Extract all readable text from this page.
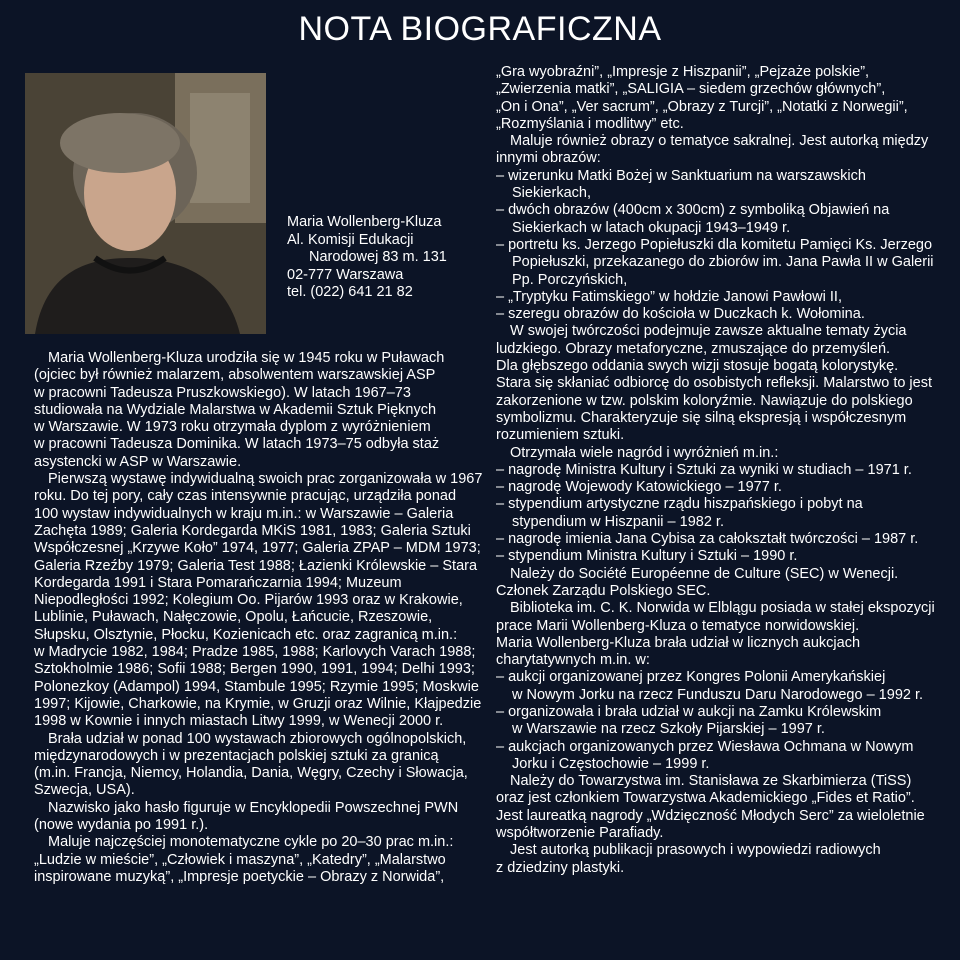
NOTA BIOGRAFICZNA
Maria Wollenberg-Kluza
Al. Komisji Edukacji
Narodowej 83 m. 131
02-777 Warszawa
tel. (022) 641 21 82

Maria Wollenberg-Kluza urodziła się w 1945 roku w Puławach

(ojciec był również malarzem, absolwentem warszawskiej ASP

w pracowni Tadeusza Pruszkowskiego). W latach 1967–73

studiowała na Wydziale Malarstwa w Akademii Sztuk Pięknych

w Warszawie. W 1973 roku otrzymała dyplom z wyróżnieniem

w pracowni Tadeusza Dominika. W latach 1973–75 odbyła staż

asystencki w ASP w Warszawie.

Pierwszą wystawę indywidualną swoich prac zorganizowała w 1967

roku. Do tej pory, cały czas intensywnie pracując, urządziła ponad

100 wystaw indywidualnych w kraju m.in.: w Warszawie – Galeria

Zachęta 1989; Galeria Kordegarda MKiS 1981, 1983; Galeria Sztuki

Współczesnej „Krzywe Koło” 1974, 1977; Galeria ZPAP – MDM 1973;

Galeria Rzeźby 1979; Galeria Test 1988; Łazienki Królewskie – Stara

Kordegarda 1991 i Stara Pomarańczarnia 1994; Muzeum

Niepodległości 1992; Kolegium Oo. Pijarów 1993 oraz w Krakowie,

Lublinie, Puławach, Nałęczowie, Opolu, Łańcucie, Rzeszowie,

Słupsku, Olsztynie, Płocku, Kozienicach etc. oraz zagranicą m.in.:

w Madrycie 1982, 1984; Pradze 1985, 1988; Karlovych Varach 1988;

Sztokholmie 1986; Sofii 1988; Bergen 1990, 1991, 1994; Delhi 1993;

Polonezkoy (Adampol) 1994, Stambule 1995; Rzymie 1995; Moskwie

1997; Kijowie, Charkowie, na Krymie, w Gruzji oraz Wilnie, Kłajpedzie

1998 w Kownie i innych miastach Litwy 1999, w Wenecji 2000 r.

Brała udział w ponad 100 wystawach zbiorowych ogólnopolskich,

międzynarodowych i w prezentacjach polskiej sztuki za granicą

(m.in. Francja, Niemcy, Holandia, Dania, Węgry, Czechy i Słowacja,

Szwecja, USA).

Nazwisko jako hasło figuruje w Encyklopedii Powszechnej PWN

(nowe wydania po 1991 r.).

Maluje najczęściej monotematyczne cykle po 20–30 prac m.in.:

„Ludzie w mieście”, „Człowiek i maszyna”, „Katedry”, „Malarstwo

inspirowane muzyką”, „Impresje poetyckie – Obrazy z Norwida”,

„Gra wyobraźni”, „Impresje z Hiszpanii”, „Pejzaże polskie”,

„Zwierzenia matki”, „SALIGIA – siedem grzechów głównych”,

„On i Ona”, „Ver sacrum”, „Obrazy z Turcji”, „Notatki z Norwegii”,

„Rozmyślania i modlitwy” etc.

Maluje również obrazy o tematyce sakralnej. Jest autorką między

innymi obrazów:

– wizerunku Matki Bożej w Sanktuarium na warszawskich

Siekierkach,

– dwóch obrazów (400cm x 300cm) z symboliką Objawień na

Siekierkach w latach okupacji 1943–1949 r.

– portretu ks. Jerzego Popiełuszki dla komitetu Pamięci Ks. Jerzego

Popiełuszki, przekazanego do zbiorów im. Jana Pawła II w Galerii

Pp. Porczyńskich,

– „Tryptyku Fatimskiego” w hołdzie Janowi Pawłowi II,

– szeregu obrazów do kościoła w Duczkach k. Wołomina.

W swojej twórczości podejmuje zawsze aktualne tematy życia

ludzkiego. Obrazy metaforyczne, zmuszające do przemyśleń.

Dla głębszego oddania swych wizji stosuje bogatą kolorystykę.

Stara się skłaniać odbiorcę do osobistych refleksji. Malarstwo to jest

zakorzenione w tzw. polskim koloryźmie. Nawiązuje do polskiego

symbolizmu. Charakteryzuje się silną ekspresją i współczesnym

rozumieniem sztuki.

Otrzymała wiele nagród i wyróżnień m.in.:

– nagrodę Ministra Kultury i Sztuki za wyniki w studiach – 1971 r.

– nagrodę Wojewody Katowickiego – 1977 r.

– stypendium artystyczne rządu hiszpańskiego i pobyt na

stypendium w Hiszpanii – 1982 r.

– nagrodę imienia Jana Cybisa za całokształt twórczości – 1987 r.

– stypendium Ministra Kultury i Sztuki – 1990 r.

Należy do Société Européenne de Culture (SEC) w Wenecji.

Członek Zarządu Polskiego SEC.

Biblioteka im. C. K. Norwida w Elblągu posiada w stałej ekspozycji

prace Marii Wollenberg-Kluza o tematyce norwidowskiej.

Maria Wollenberg-Kluza brała udział w licznych aukcjach

charytatywnych m.in. w:

– aukcji organizowanej przez Kongres Polonii Amerykańskiej

w Nowym Jorku na rzecz Funduszu Daru Narodowego – 1992 r.

– organizowała i brała udział w aukcji na Zamku Królewskim

w Warszawie na rzecz Szkoły Pijarskiej – 1997 r.

– aukcjach organizowanych przez Wiesława Ochmana w Nowym

Jorku i Częstochowie – 1999 r.

Należy do Towarzystwa im. Stanisława ze Skarbimierza (TiSS)

oraz jest członkiem Towarzystwa Akademickiego „Fides et Ratio”.

Jest laureatką nagrody „Wdzięczność Młodych Serc” za wieloletnie

współtworzenie Parafiady.

Jest autorką publikacji prasowych i wypowiedzi radiowych

z dziedziny plastyki.
